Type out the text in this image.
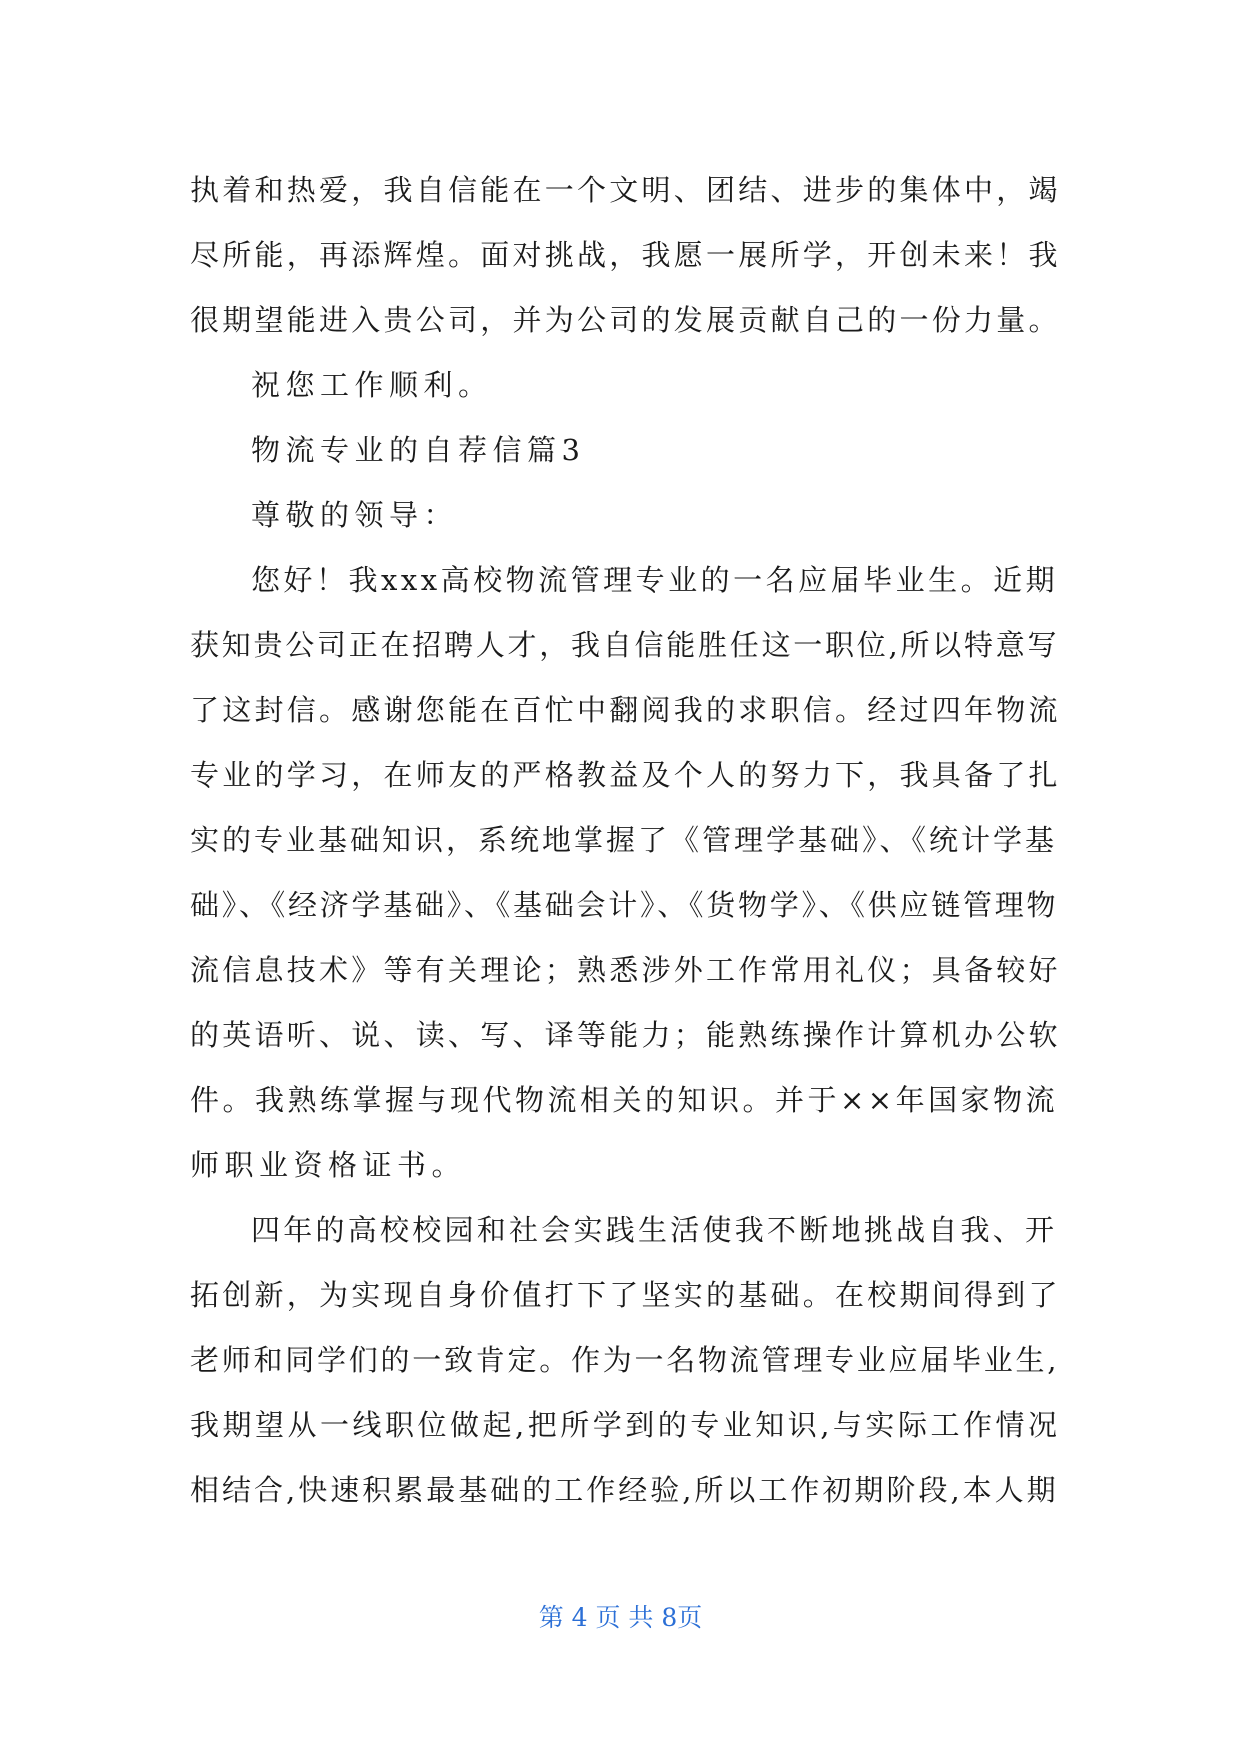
执着和热爱，我自信能在一个文明、团结、进步的集体中，竭
尽所能，再添辉煌。面对挑战，我愿一展所学，开创未来！我
很期望能进入贵公司，并为公司的发展贡献自己的一份力量。
祝您工作顺利。
物流专业的自荐信篇3
尊敬的领导：
您好！我xxx高校物流管理专业的一名应届毕业生。近期
获知贵公司正在招聘人才，我自信能胜任这一职位,所以特意写
了这封信。感谢您能在百忙中翻阅我的求职信。经过四年物流
专业的学习，在师友的严格教益及个人的努力下，我具备了扎
实的专业基础知识，系统地掌握了《管理学基础》、《统计学基
础》、《经济学基础》、《基础会计》、《货物学》、《供应链管理物
流信息技术》等有关理论；熟悉涉外工作常用礼仪；具备较好
的英语听、说、读、写、译等能力；能熟练操作计算机办公软
件。我熟练掌握与现代物流相关的知识。并于××年国家物流
师职业资格证书。
四年的高校校园和社会实践生活使我不断地挑战自我、开
拓创新，为实现自身价值打下了坚实的基础。在校期间得到了
老师和同学们的一致肯定。作为一名物流管理专业应届毕业生,
我期望从一线职位做起,把所学到的专业知识,与实际工作情况
相结合,快速积累最基础的工作经验,所以工作初期阶段,本人期
第 4 页 共 8页
